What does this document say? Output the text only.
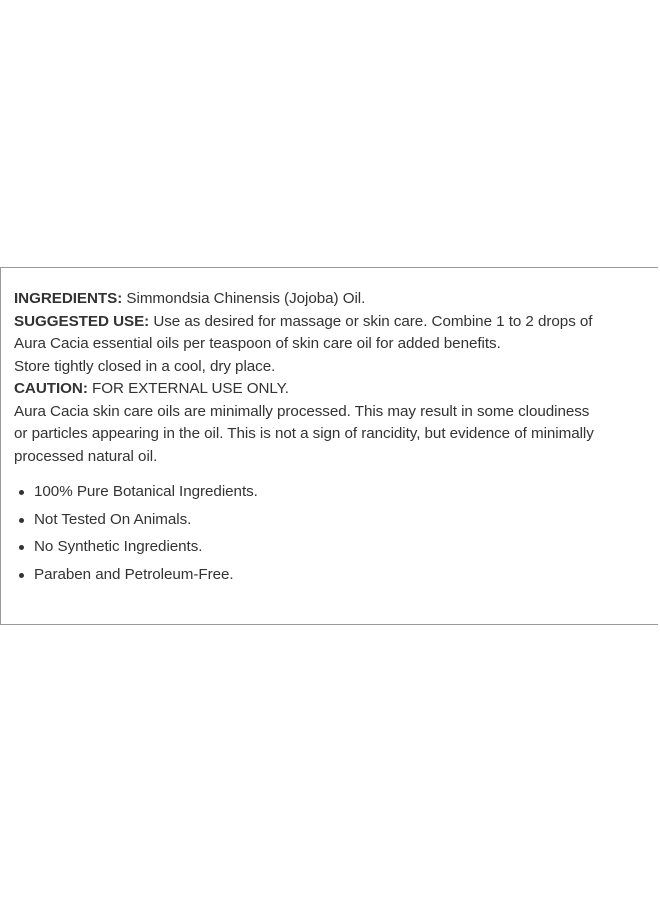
INGREDIENTS: Simmondsia Chinensis (Jojoba) Oil.

SUGGESTED USE: Use as desired for massage or skin care. Combine 1 to 2 drops of

Aura Cacia essential oils per teaspoon of skin care oil for added benefits.

Store tightly closed in a cool, dry place.

CAUTION: FOR EXTERNAL USE ONLY.

Aura Cacia skin care oils are minimally processed. This may result in some cloudiness

or particles appearing in the oil. This is not a sign of rancidity, but evidence of minimally

processed natural oil.

100% Pure Botanical Ingredients.
Not Tested On Animals.
No Synthetic Ingredients.
Paraben and Petroleum-Free.
